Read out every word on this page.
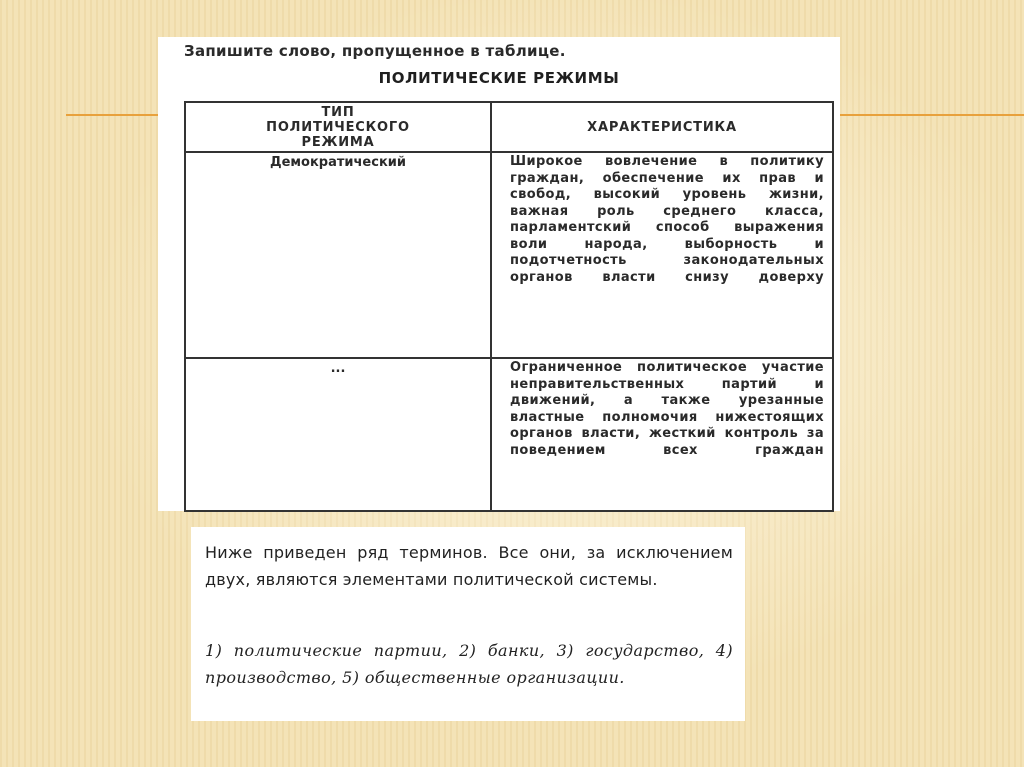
Запишите слово, пропущенное в таблице.
ПОЛИТИЧЕСКИЕ РЕЖИМЫ
ТИП
ПОЛИТИЧЕСКОГО
РЕЖИМА	ХАРАКТЕРИСТИКА
Демократический	Широкое вовлечение в политику граждан, обеспечение их прав и свобод, высокий уровень жизни, важная роль среднего класса, парламентский способ выражения воли народа, выборность и подотчетность законодательных органов власти снизу доверху
...	Ограниченное политическое участие неправительственных партий и движений, а также урезанные властные полномочия нижестоящих органов власти, жесткий контроль за поведением всех граждан

Ниже приведен ряд терминов. Все они, за исключением двух, являются элементами политической системы.

1) политические партии, 2) банки, 3) государство, 4) производство, 5) общественные организации.
